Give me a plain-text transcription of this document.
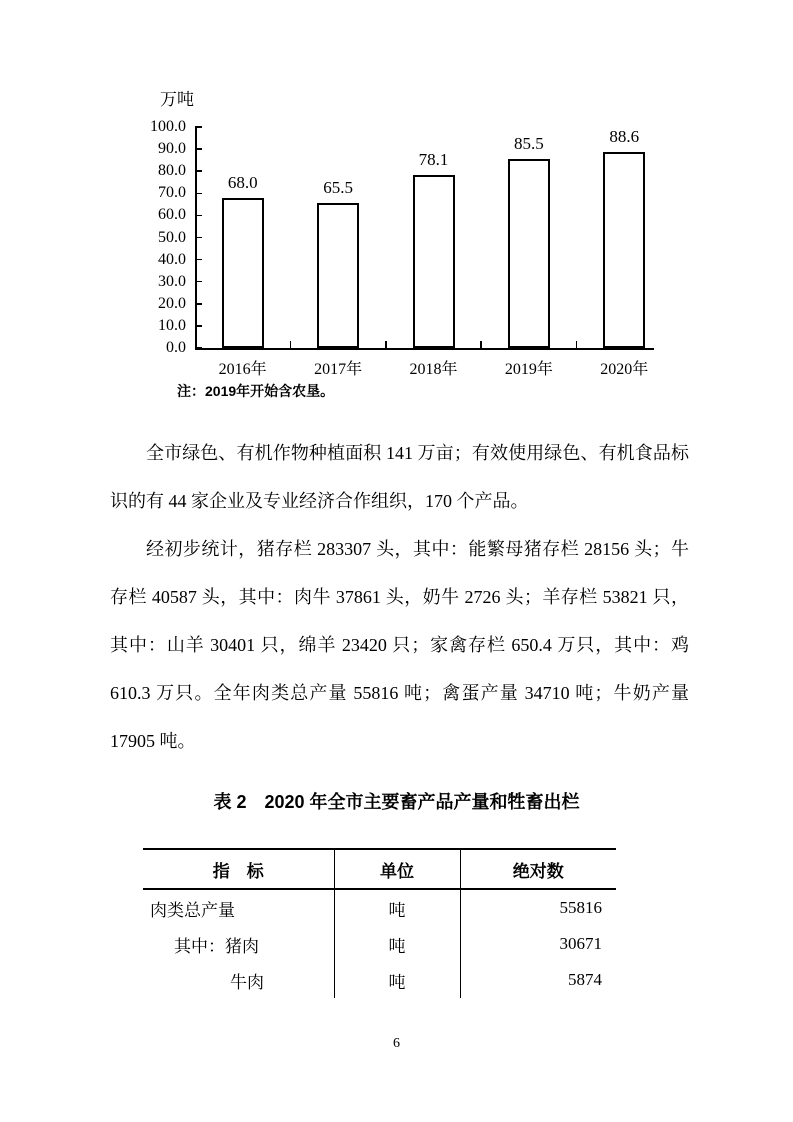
万吨
注：2019年开始含农垦。
0.0
10.0
20.0
30.0
40.0
50.0
60.0
70.0
80.0
90.0
100.0
68.0
2016年
65.5
2017年
78.1
2018年
85.5
2019年
88.6
2020年

全市绿色、有机作物种植面积 141 万亩；有效使用绿色、有机食品标识的有 44 家企业及专业经济合作组织，170 个产品。

经初步统计，猪存栏 283307 头，其中：能繁母猪存栏 28156 头；牛存栏 40587 头，其中：肉牛 37861 头，奶牛 2726 头；羊存栏 53821 只，其中：山羊 30401 只，绵羊 23420 只；家禽存栏 650.4 万只，其中：鸡 610.3 万只。全年肉类总产量 55816 吨；禽蛋产量 34710 吨；牛奶产量 17905 吨。

表 2　2020 年全市主要畜产品产量和牲畜出栏
指　标	单位	绝对数
肉类总产量	吨	55816
其中：猪肉	吨	30671
牛肉	吨	5874
6
